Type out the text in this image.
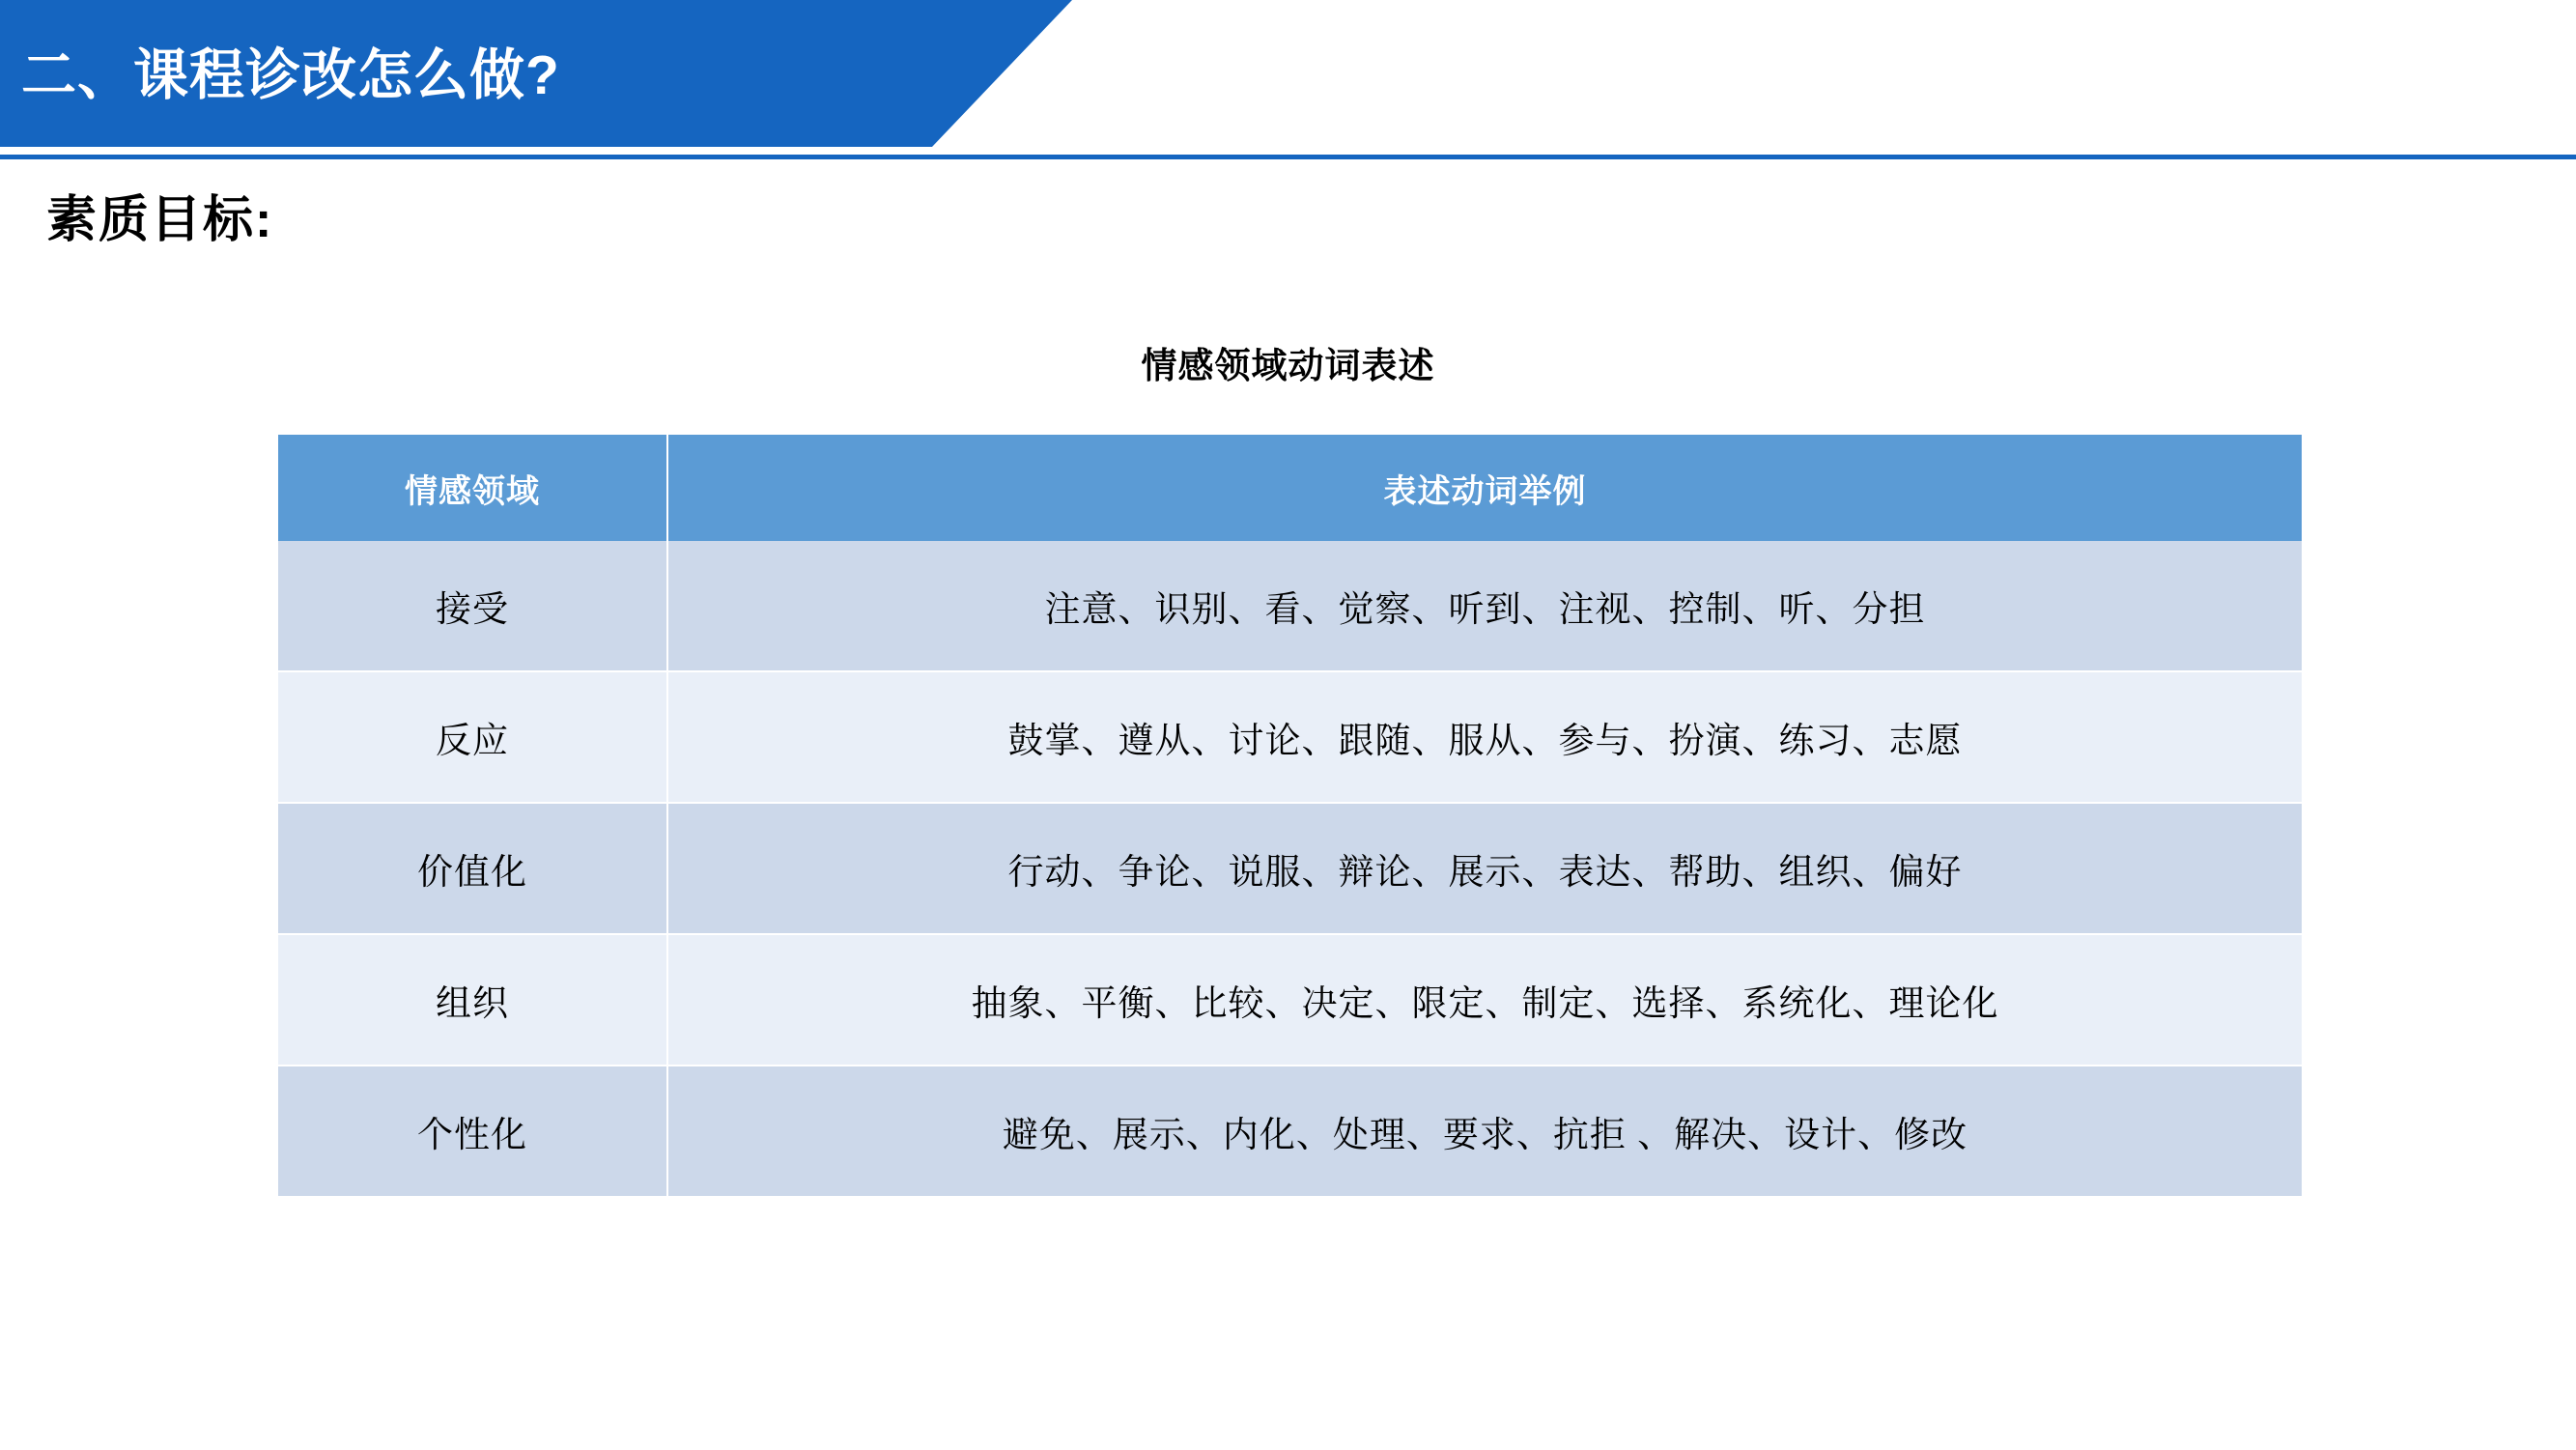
二、课程诊改怎么做?
素质目标:
情感领域动词表述
情感领域	表述动词举例
接受	注意、识别、看、觉察、听到、注视、控制、听、分担
反应	鼓掌、遵从、讨论、跟随、服从、参与、扮演、练习、志愿
价值化	行动、争论、说服、辩论、展示、表达、帮助、组织、偏好
组织	抽象、平衡、比较、决定、限定、制定、选择、系统化、理论化
个性化	避免、展示、内化、处理、要求、抗拒 、解决、设计、修改
